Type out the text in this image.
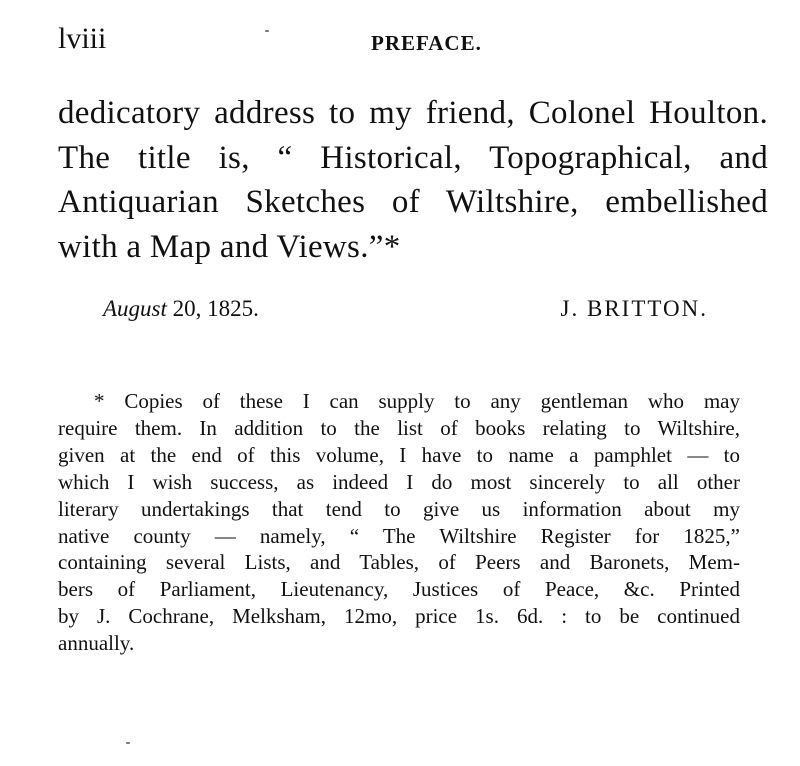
lviii	PREFACE.
dedicatory address to my friend, Colonel Houlton.
The title is, “ Historical, Topographical, and
Antiquarian Sketches of Wiltshire, embellished
with a Map and Views.”*
August 20, 1825.	J. BRITTON.
* Copies of these I can supply to any gentleman who may
require them. In addition to the list of books relating to Wiltshire,
given at the end of this volume, I have to name a pamphlet — to
which I wish success, as indeed I do most sincerely to all other
literary undertakings that tend to give us information about my
native county — namely, “ The Wiltshire Register for 1825,”
containing several Lists, and Tables, of Peers and Baronets, Mem-
bers of Parliament, Lieutenancy, Justices of Peace, &c. Printed
by J. Cochrane, Melksham, 12mo, price 1s. 6d. : to be continued
annually.
